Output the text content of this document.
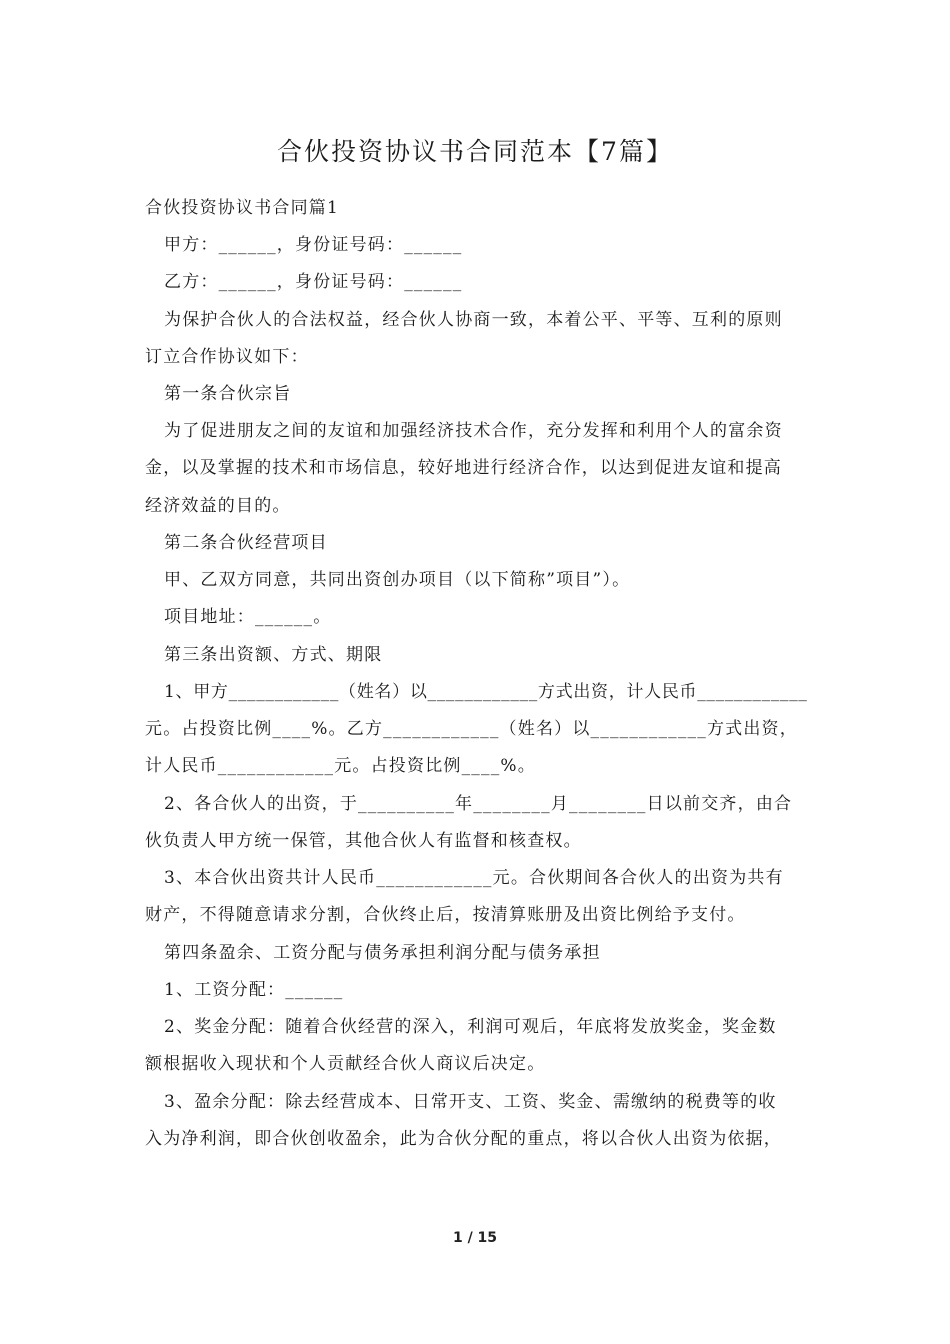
合伙投资协议书合同范本【7篇】
合伙投资协议书合同篇1
甲方：______，身份证号码：______
乙方：______，身份证号码：______
为保护合伙人的合法权益，经合伙人协商一致，本着公平、平等、互利的原则
订立合作协议如下：
第一条合伙宗旨
为了促进朋友之间的友谊和加强经济技术合作，充分发挥和利用个人的富余资
金，以及掌握的技术和市场信息，较好地进行经济合作，以达到促进友谊和提高
经济效益的目的。
第二条合伙经营项目
甲、乙双方同意，共同出资创办项目（以下简称”项目”）。
项目地址：______。
第三条出资额、方式、期限
1、甲方____________（姓名）以____________方式出资，计人民币____________
元。占投资比例____%。乙方____________（姓名）以____________方式出资，
计人民币____________元。占投资比例____%。
2、各合伙人的出资，于__________年________月________日以前交齐，由合
伙负责人甲方统一保管，其他合伙人有监督和核查权。
3、本合伙出资共计人民币____________元。合伙期间各合伙人的出资为共有
财产，不得随意请求分割，合伙终止后，按清算账册及出资比例给予支付。
第四条盈余、工资分配与债务承担利润分配与债务承担
1、工资分配：______
2、奖金分配：随着合伙经营的深入，利润可观后，年底将发放奖金，奖金数
额根据收入现状和个人贡献经合伙人商议后决定。
3、盈余分配：除去经营成本、日常开支、工资、奖金、需缴纳的税费等的收
入为净利润，即合伙创收盈余，此为合伙分配的重点，将以合伙人出资为依据，
1 / 15
